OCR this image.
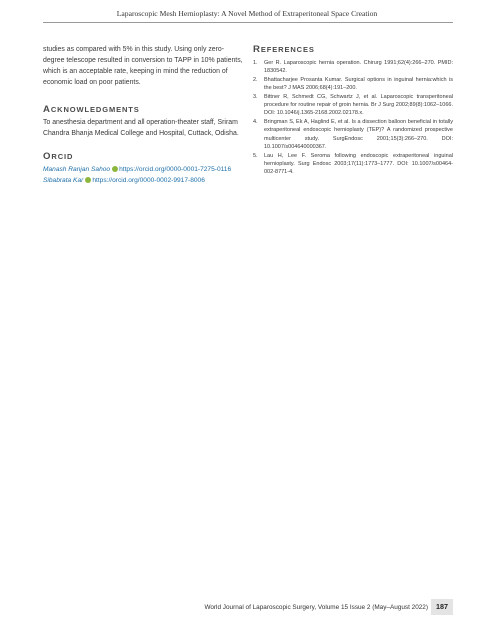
Laparoscopic Mesh Hernioplasty: A Novel Method of Extraperitoneal Space Creation

studies as compared with 5% in this study. Using only zero-degree telescope resulted in conversion to TAPP in 10% patients, which is an acceptable rate, keeping in mind the reduction of economic load on poor patients.

ACKNOWLEDGMENTS

To anesthesia department and all operation-theater staff, Sriram Chandra Bhanja Medical College and Hospital, Cuttack, Odisha.

ORCID
Manash Ranjan Sahoo https://orcid.org/0000-0001-7275-0116
Sibabrata Kar https://orcid.org/0000-0002-9917-8006
REFERENCES
1.	Ger R. Laparoscopic hernia operation. Chirurg 1991;62(4):266–270. PMID: 1830542.
2.	Bhattacharjee Prosanta Kumar. Surgical options in inguinal hernia:which is the best? J MAS 2006;68(4):191–200.
3.	Bittner R, Schmedt CG, Schwartz J, et al. Laparoscopic transperitoneal procedure for routine repair of groin hernia. Br J Surg 2002;89(8):1062–1066. DOI: 10.1046/j.1365-2168.2002.02178.x.
4.	Bringman S, Ek A, Haglind E, et al. Is a dissection balloon beneficial in totally extraperitoneal endoscopic hernioplasty (TEP)? A randomized prospective multicenter study. SurgEndosc 2001;15(3):266–270. DOI: 10.1007/s004640000367.
5.	Lau H, Lee F. Seroma following endoscopic extraperitoneal inguinal hernioplasty. Surg Endosc 2003;17(11):1773–1777. DOI: 10.1007/s00464-002-8771-4.
World Journal of Laparoscopic Surgery, Volume 15 Issue 2 (May–August 2022)	187
